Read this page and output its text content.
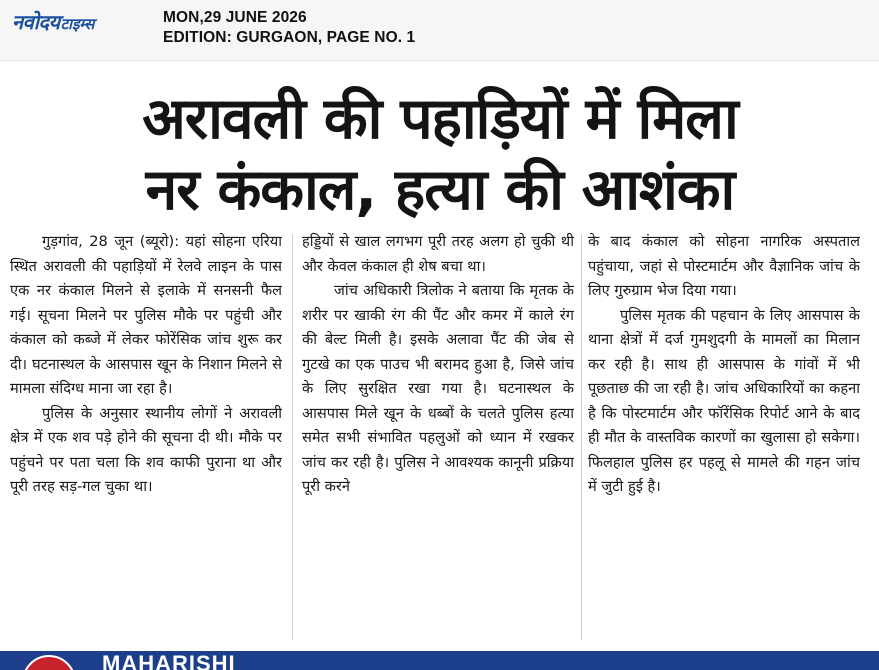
नवोदय टाइम्स	MON,29 JUNE 2026
EDITION: GURGAON, PAGE NO. 1
अरावली की पहाड़ियों में मिला
नर कंकाल, हत्या की आशंका

गुड़गांव, 28 जून (ब्यूरो): यहां सोहना एरिया स्थित अरावली की पहाड़ियों में रेलवे लाइन के पास एक नर कंकाल मिलने से इलाके में सनसनी फैल गई। सूचना मिलने पर पुलिस मौके पर पहुंची और कंकाल को कब्जे में लेकर फोरेंसिक जांच शुरू कर दी। घटनास्थल के आसपास खून के निशान मिलने से मामला संदिग्ध माना जा रहा है।

पुलिस के अनुसार स्थानीय लोगों ने अरावली क्षेत्र में एक शव पड़े होने की सूचना दी थी। मौके पर पहुंचने पर पता चला कि शव काफी पुराना था और पूरी तरह सड़-गल चुका था।

हड्डियों से खाल लगभग पूरी तरह अलग हो चुकी थी और केवल कंकाल ही शेष बचा था।

जांच अधिकारी त्रिलोक ने बताया कि मृतक के शरीर पर खाकी रंग की पैंट और कमर में काले रंग की बेल्ट मिली है। इसके अलावा पैंट की जेब से गुटखे का एक पाउच भी बरामद हुआ है, जिसे जांच के लिए सुरक्षित रखा गया है। घटनास्थल के आसपास मिले खून के धब्बों के चलते पुलिस हत्या समेत सभी संभावित पहलुओं को ध्यान में रखकर जांच कर रही है। पुलिस ने आवश्यक कानूनी प्रक्रिया पूरी करने

के बाद कंकाल को सोहना नागरिक अस्पताल पहुंचाया, जहां से पोस्टमार्टम और वैज्ञानिक जांच के लिए गुरुग्राम भेज दिया गया।

पुलिस मृतक की पहचान के लिए आसपास के थाना क्षेत्रों में दर्ज गुमशुदगी के मामलों का मिलान कर रही है। साथ ही आसपास के गांवों में भी पूछताछ की जा रही है। जांच अधिकारियों का कहना है कि पोस्टमार्टम और फॉरेंसिक रिपोर्ट आने के बाद ही मौत के वास्तविक कारणों का खुलासा हो सकेगा। फिलहाल पुलिस हर पहलू से मामले की गहन जांच में जुटी हुई है।

MAHARISHI
